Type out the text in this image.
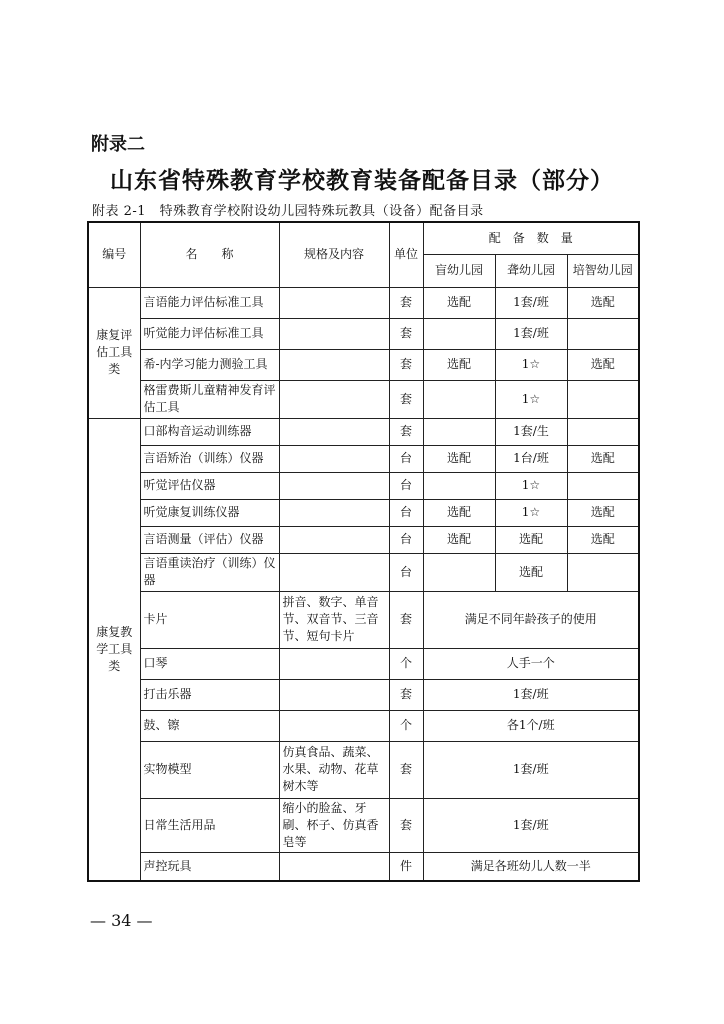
附录二
山东省特殊教育学校教育装备配备目录（部分）
附表 2-1　特殊教育学校附设幼儿园特殊玩教具（设备）配备目录
编号	名　　称	规格及内容	单位	配　备　数　量		
				盲幼儿园	聋幼儿园	培智幼儿园
康复评估工具类	言语能力评估标准工具		套	选配	1套/班	选配
	听觉能力评估标准工具		套		1套/班	
	希-内学习能力测验工具		套	选配	1☆	选配
	格雷费斯儿童精神发育评估工具		套		1☆	
康复教学工具类	口部构音运动训练器		套		1套/生	
	言语矫治（训练）仪器		台	选配	1台/班	选配
	听觉评估仪器		台		1☆	
	听觉康复训练仪器		台	选配	1☆	选配
	言语测量（评估）仪器		台	选配	选配	选配
	言语重读治疗（训练）仪器		台		选配	
	卡片	拼音、数字、单音节、双音节、三音节、短句卡片	套	满足不同年龄孩子的使用		
	口琴		个	人手一个		
	打击乐器		套	1套/班		
	鼓、镲		个	各1个/班		
	实物模型	仿真食品、蔬菜、水果、动物、花草树木等	套	1套/班		
	日常生活用品	缩小的脸盆、牙刷、杯子、仿真香皂等	套	1套/班		
	声控玩具		件	满足各班幼儿人数一半		
— 34 —
